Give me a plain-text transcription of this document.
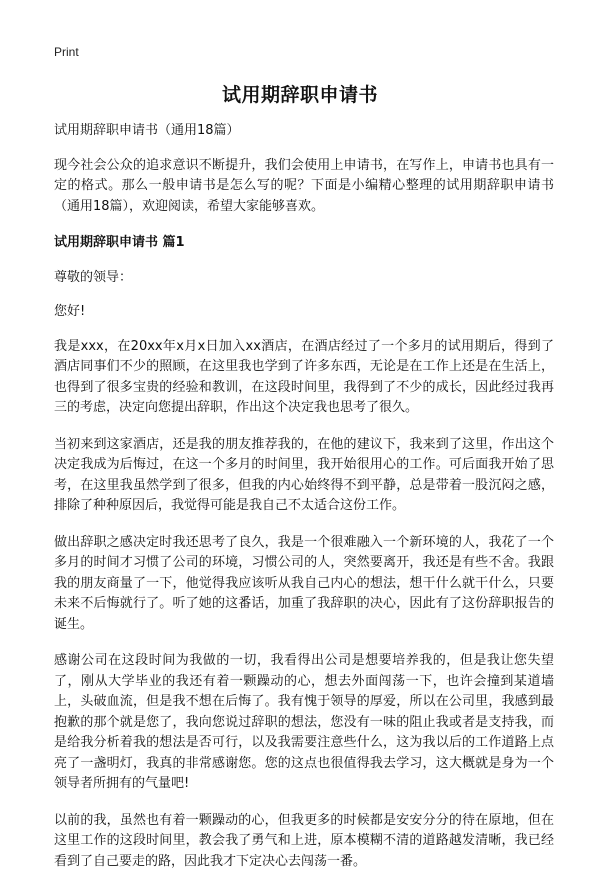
Print
试用期辞职申请书

试用期辞职申请书（通用18篇）

现今社会公众的追求意识不断提升，我们会使用上申请书，在写作上，申请书也具有一定的格式。那么一般申请书是怎么写的呢？下面是小编精心整理的试用期辞职申请书（通用18篇），欢迎阅读，希望大家能够喜欢。

试用期辞职申请书 篇1

尊敬的领导：

您好!

我是xxx，在20xx年x月x日加入xx酒店，在酒店经过了一个多月的试用期后，得到了酒店同事们不少的照顾，在这里我也学到了许多东西，无论是在工作上还是在生活上，也得到了很多宝贵的经验和教训，在这段时间里，我得到了不少的成长，因此经过我再三的考虑，决定向您提出辞职，作出这个决定我也思考了很久。

当初来到这家酒店，还是我的朋友推荐我的，在他的建议下，我来到了这里，作出这个决定我成为后悔过，在这一个多月的时间里，我开始很用心的工作。可后面我开始了思考，在这里我虽然学到了很多，但我的内心始终得不到平静，总是带着一股沉闷之感，排除了种种原因后，我觉得可能是我自己不太适合这份工作。

做出辞职之感决定时我还思考了良久，我是一个很难融入一个新环境的人，我花了一个多月的时间才习惯了公司的环境，习惯公司的人，突然要离开，我还是有些不舍。我跟我的朋友商量了一下，他觉得我应该听从我自己内心的想法，想干什么就干什么，只要未来不后悔就行了。听了她的这番话，加重了我辞职的决心，因此有了这份辞职报告的诞生。

感谢公司在这段时间为我做的一切，我看得出公司是想要培养我的，但是我让您失望了，刚从大学毕业的我还有着一颗躁动的心，想去外面闯荡一下，也许会撞到某道墙上，头破血流，但是我不想在后悔了。我有愧于领导的厚爱，所以在公司里，我感到最抱歉的那个就是您了，我向您说过辞职的想法，您没有一味的阻止我或者是支持我，而是给我分析着我的想法是否可行，以及我需要注意些什么，这为我以后的工作道路上点亮了一盏明灯，我真的非常感谢您。您的这点也很值得我去学习，这大概就是身为一个领导者所拥有的气量吧!

以前的我，虽然也有着一颗躁动的心，但我更多的时候都是安安分分的待在原地，但在这里工作的这段时间里，教会我了勇气和上进，原本模糊不清的道路越发清晰，我已经看到了自己要走的路，因此我才下定决心去闯荡一番。
